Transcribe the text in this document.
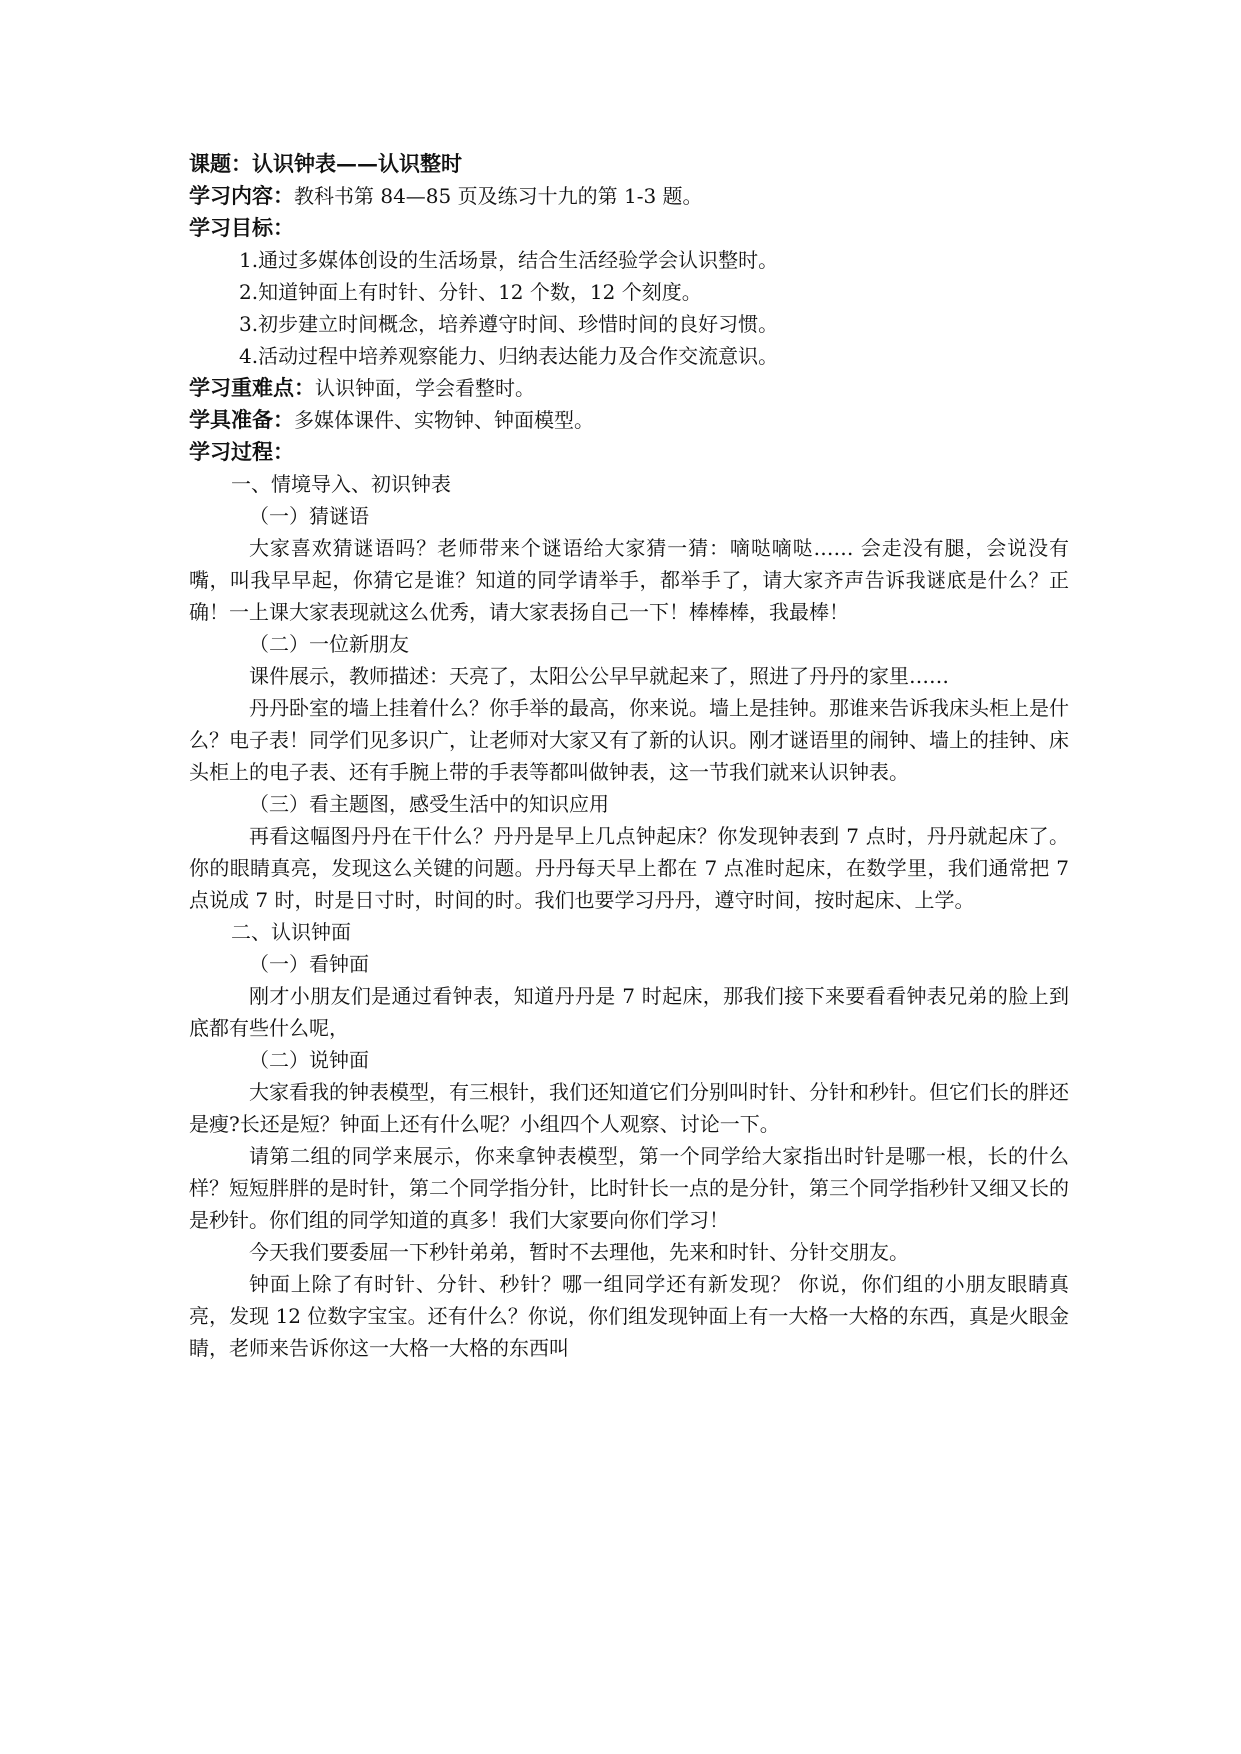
课题：认识钟表——认识整时

学习内容：教科书第 84—85 页及练习十九的第 1-3 题。

学习目标：

1.通过多媒体创设的生活场景，结合生活经验学会认识整时。

2.知道钟面上有时针、分针、12 个数，12 个刻度。

3.初步建立时间概念，培养遵守时间、珍惜时间的良好习惯。

4.活动过程中培养观察能力、归纳表达能力及合作交流意识。

学习重难点：认识钟面，学会看整时。

学具准备：多媒体课件、实物钟、钟面模型。

学习过程：

一、情境导入、初识钟表

（一）猜谜语

大家喜欢猜谜语吗？老师带来个谜语给大家猜一猜：嘀哒嘀哒…… 会走没有腿，会说没有嘴，叫我早早起，你猜它是谁？知道的同学请举手，都举手了，请大家齐声告诉我谜底是什么？正确！一上课大家表现就这么优秀，请大家表扬自己一下！棒棒棒，我最棒！

（二）一位新朋友

课件展示，教师描述：天亮了，太阳公公早早就起来了，照进了丹丹的家里……

丹丹卧室的墙上挂着什么？你手举的最高，你来说。墙上是挂钟。那谁来告诉我床头柜上是什么？电子表！同学们见多识广，让老师对大家又有了新的认识。刚才谜语里的闹钟、墙上的挂钟、床头柜上的电子表、还有手腕上带的手表等都叫做钟表，这一节我们就来认识钟表。

（三）看主题图，感受生活中的知识应用

再看这幅图丹丹在干什么？丹丹是早上几点钟起床？你发现钟表到 7 点时，丹丹就起床了。你的眼睛真亮，发现这么关键的问题。丹丹每天早上都在 7 点准时起床，在数学里，我们通常把 7 点说成 7 时，时是日寸时，时间的时。我们也要学习丹丹，遵守时间，按时起床、上学。

二、认识钟面

（一）看钟面

刚才小朋友们是通过看钟表，知道丹丹是 7 时起床，那我们接下来要看看钟表兄弟的脸上到底都有些什么呢，

（二）说钟面

大家看我的钟表模型，有三根针，我们还知道它们分别叫时针、分针和秒针。但它们长的胖还是瘦?长还是短？钟面上还有什么呢？小组四个人观察、讨论一下。

请第二组的同学来展示，你来拿钟表模型，第一个同学给大家指出时针是哪一根，长的什么样？短短胖胖的是时针，第二个同学指分针，比时针长一点的是分针，第三个同学指秒针又细又长的是秒针。你们组的同学知道的真多！我们大家要向你们学习！

今天我们要委屈一下秒针弟弟，暂时不去理他，先来和时针、分针交朋友。

钟面上除了有时针、分针、秒针？哪一组同学还有新发现？ 你说，你们组的小朋友眼睛真亮，发现 12 位数字宝宝。还有什么？你说，你们组发现钟面上有一大格一大格的东西，真是火眼金睛，老师来告诉你这一大格一大格的东西叫
